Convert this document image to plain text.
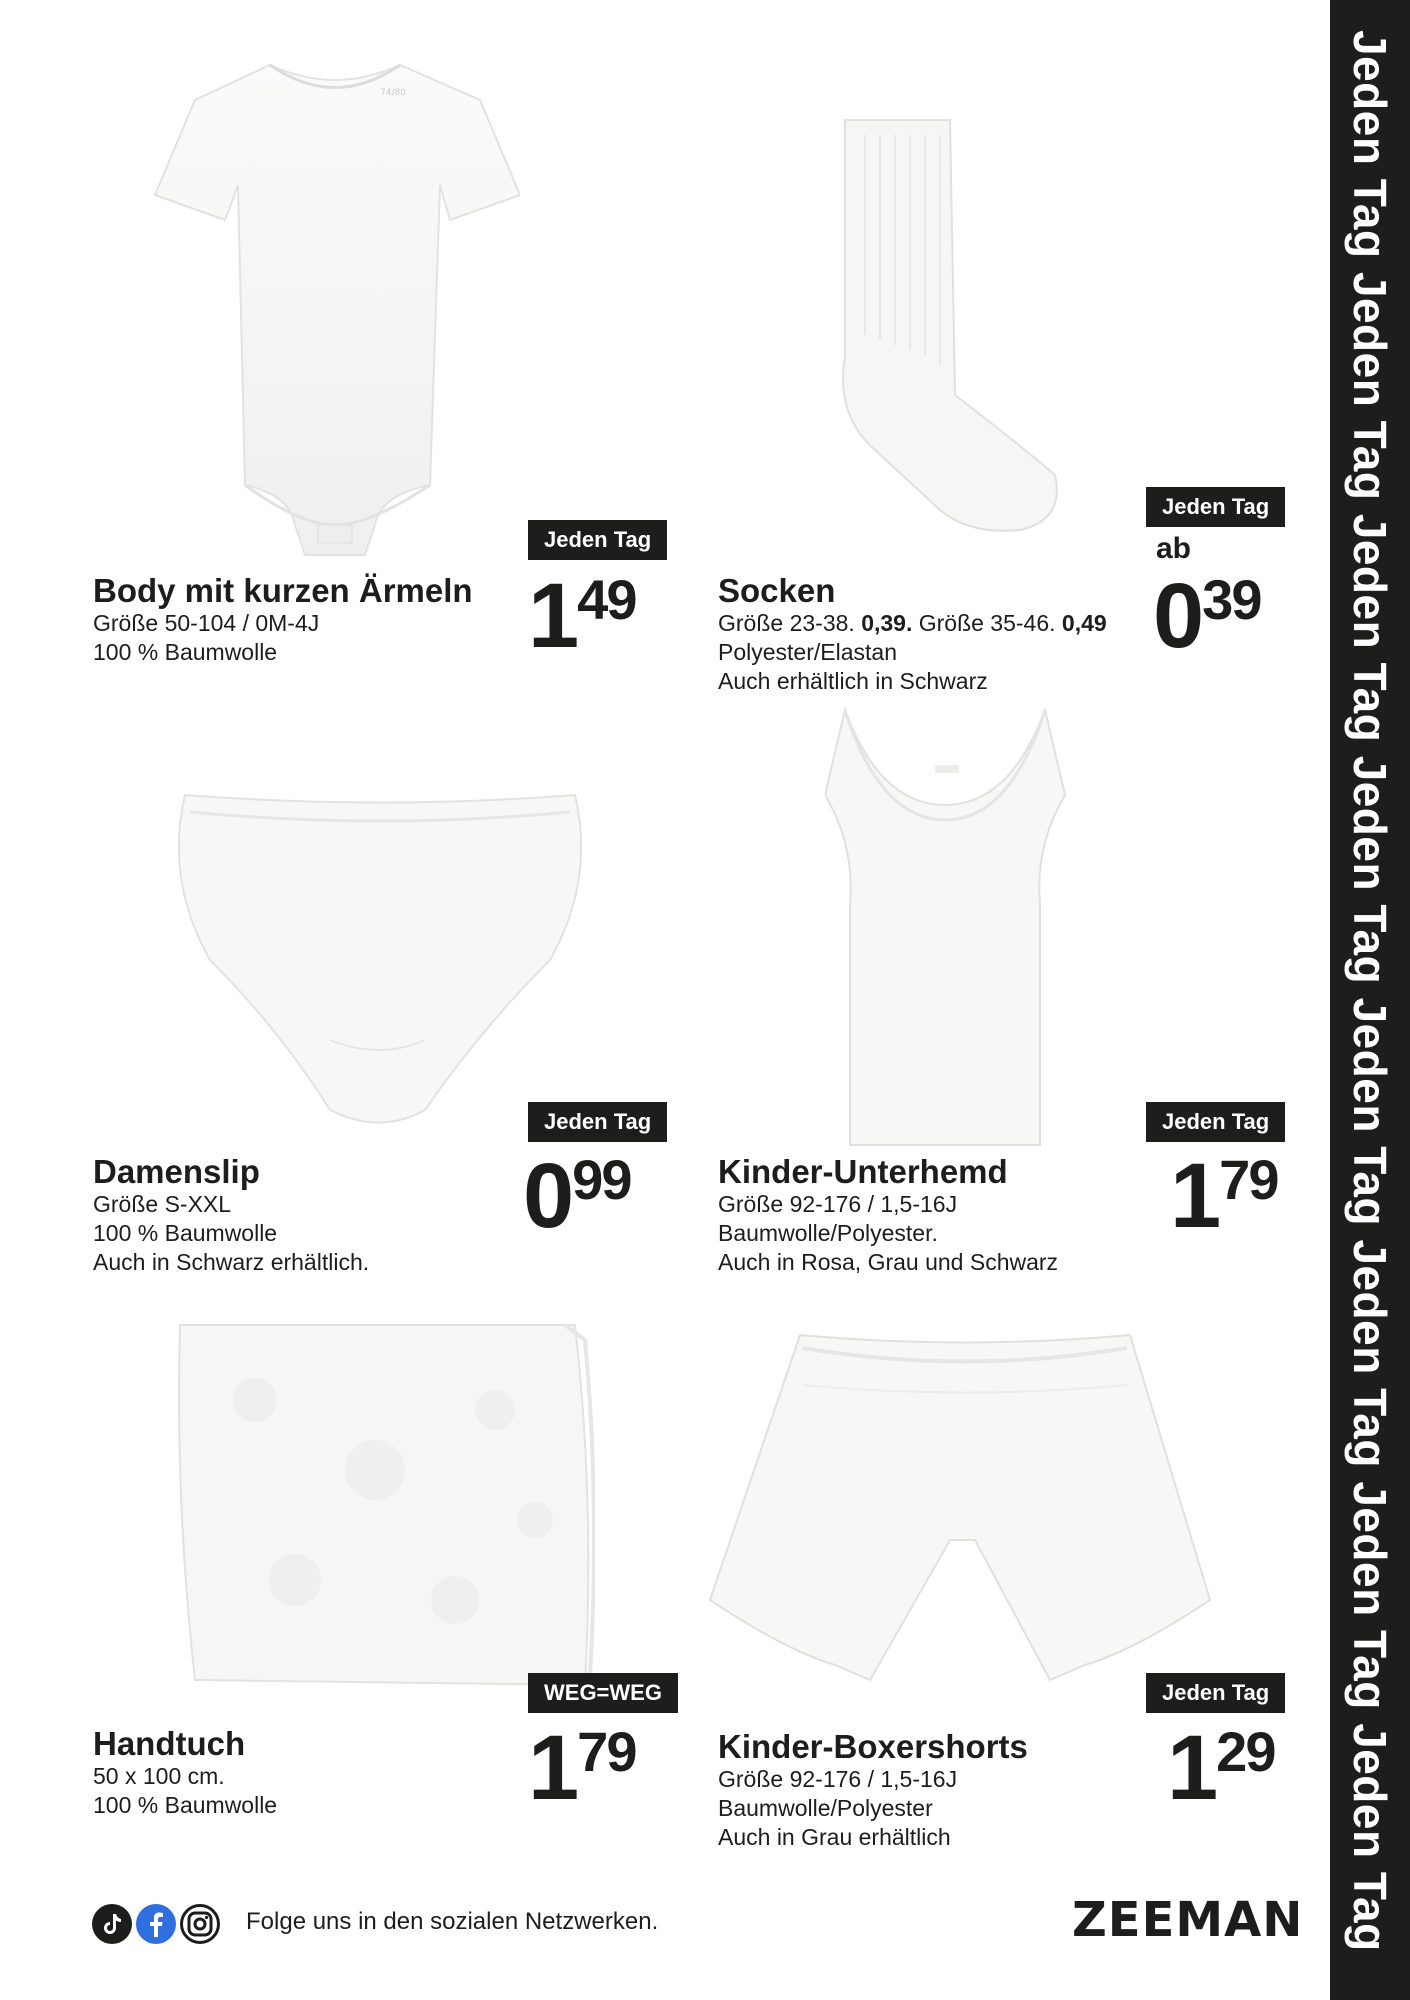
Jeden Tag Jeden Tag Jeden Tag Jeden Tag Jeden Tag Jeden Tag Jeden Tag Jeden Tag
74/80
Body mit kurzen Ärmeln
Größe 50-104 / 0M-4J
100 % Baumwolle
Jeden Tag
1 49	Socken
Größe 23-38. 0,39. Größe 35-46. 0,49
Polyester/Elastan
Auch erhältlich in Schwarz
Jeden Tag
ab
0 39
Damenslip
Größe S-XXL
100 % Baumwolle
Auch in Schwarz erhältlich.
Jeden Tag
0 99	Kinder-Unterhemd
Größe 92-176 / 1,5-16J
Baumwolle/Polyester.
Auch in Rosa, Grau und Schwarz
Jeden Tag
1 79
Handtuch
50 x 100 cm.
100 % Baumwolle
WEG=WEG
1 79	Kinder-Boxershorts
Größe 92-176 / 1,5-16J
Baumwolle/Polyester
Auch in Grau erhältlich
Jeden Tag
1 29
Folge uns in den sozialen Netzwerken.	ZEEMAN
